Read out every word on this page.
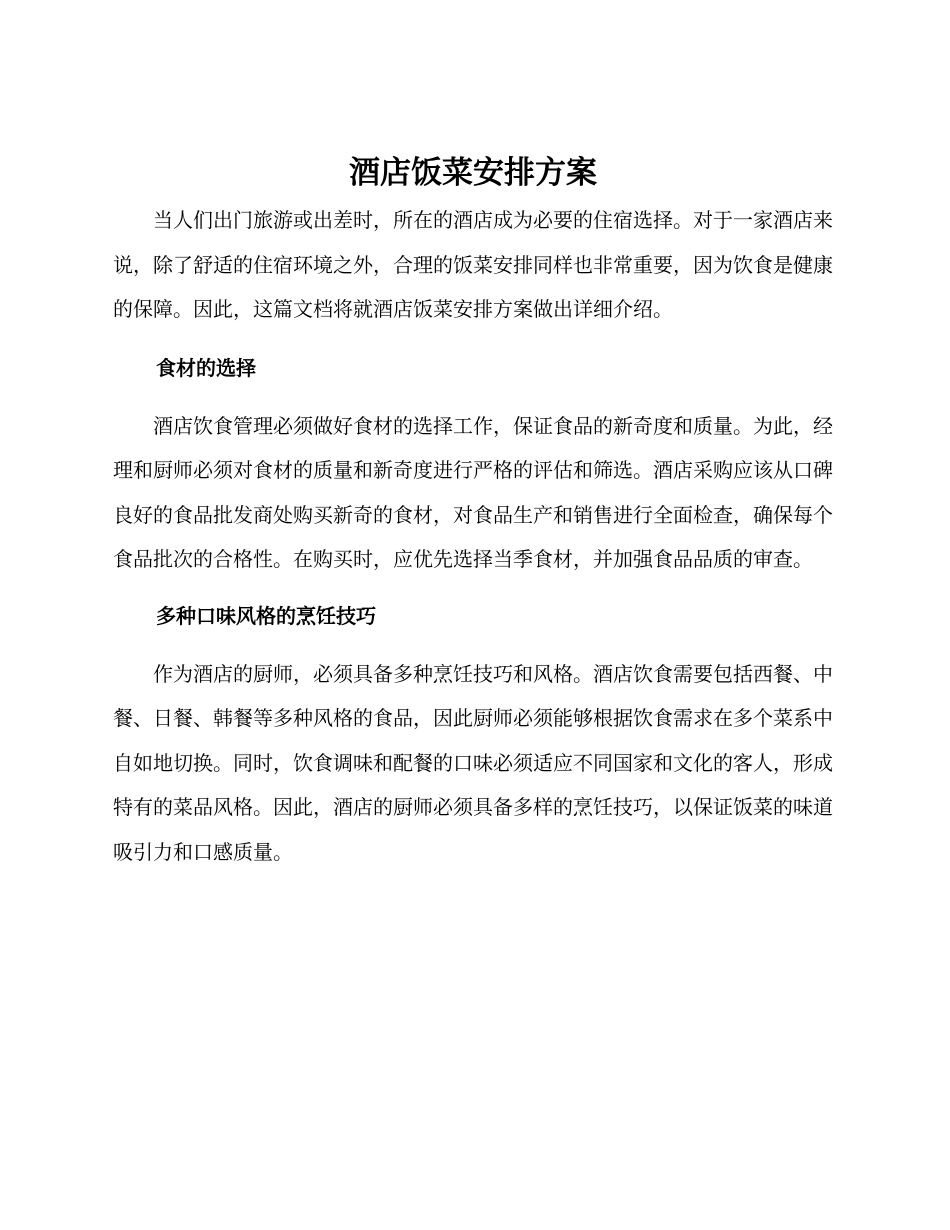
酒店饭菜安排方案

当人们出门旅游或出差时，所在的酒店成为必要的住宿选择。对于一家酒店来说，除了舒适的住宿环境之外，合理的饭菜安排同样也非常重要，因为饮食是健康的保障。因此，这篇文档将就酒店饭菜安排方案做出详细介绍。

食材的选择

酒店饮食管理必须做好食材的选择工作，保证食品的新奇度和质量。为此，经理和厨师必须对食材的质量和新奇度进行严格的评估和筛选。酒店采购应该从口碑良好的食品批发商处购买新奇的食材，对食品生产和销售进行全面检查，确保每个食品批次的合格性。在购买时，应优先选择当季食材，并加强食品品质的审查。

多种口味风格的烹饪技巧

作为酒店的厨师，必须具备多种烹饪技巧和风格。酒店饮食需要包括西餐、中餐、日餐、韩餐等多种风格的食品，因此厨师必须能够根据饮食需求在多个菜系中自如地切换。同时，饮食调味和配餐的口味必须适应不同国家和文化的客人，形成特有的菜品风格。因此，酒店的厨师必须具备多样的烹饪技巧，以保证饭菜的味道吸引力和口感质量。
